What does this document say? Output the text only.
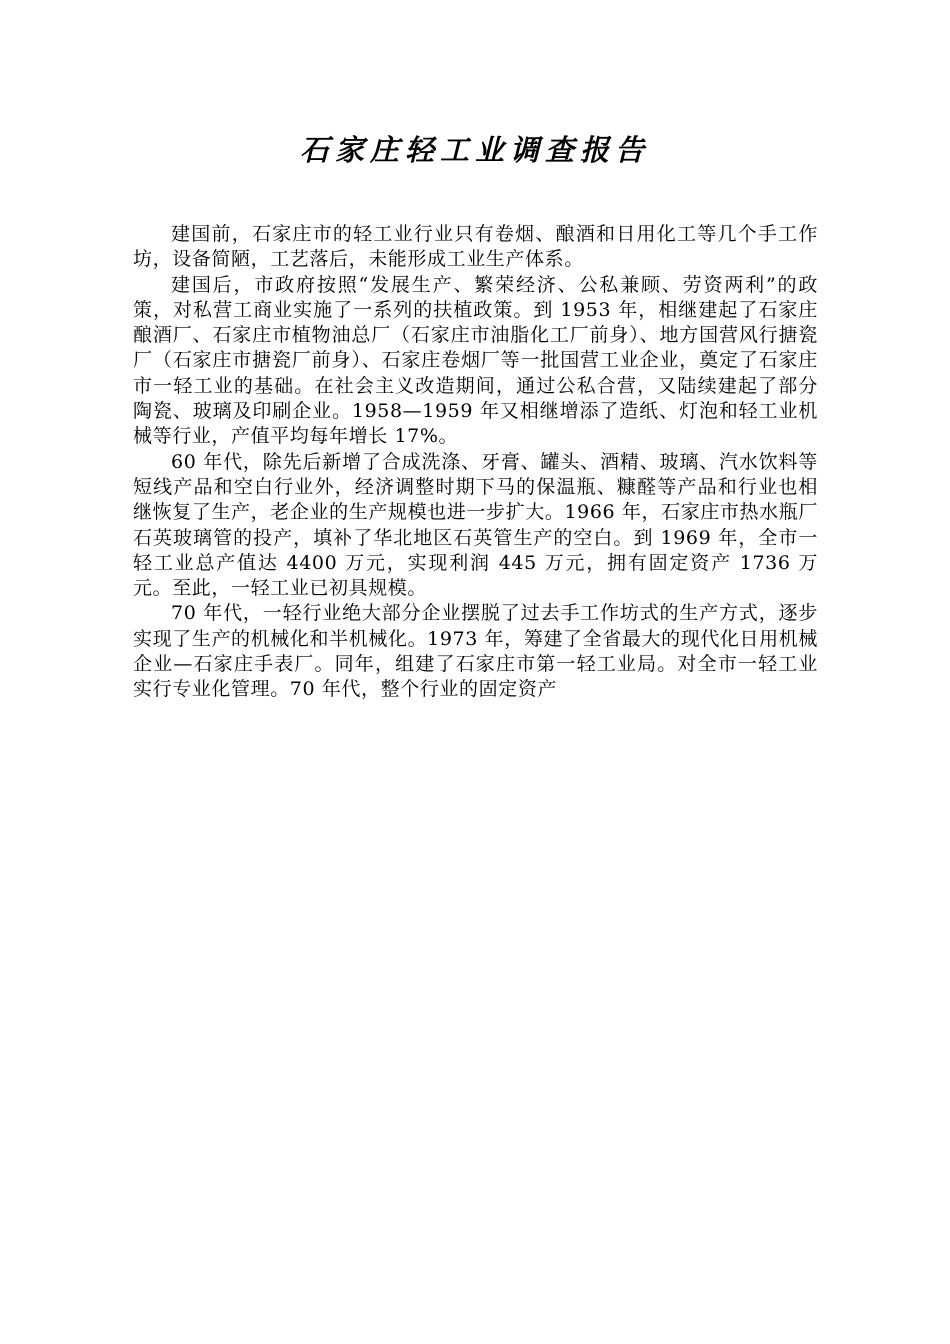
石家庄轻工业调查报告

建国前，石家庄市的轻工业行业只有卷烟、酿酒和日用化工等几个手工作坊，设备简陋，工艺落后，未能形成工业生产体系。

建国后，市政府按照“发展生产、繁荣经济、公私兼顾、劳资两利”的政策，对私营工商业实施了一系列的扶植政策。到 1953 年，相继建起了石家庄酿酒厂、石家庄市植物油总厂（石家庄市油脂化工厂前身）、地方国营风行搪瓷厂（石家庄市搪瓷厂前身）、石家庄卷烟厂等一批国营工业企业，奠定了石家庄市一轻工业的基础。在社会主义改造期间，通过公私合营，又陆续建起了部分陶瓷、玻璃及印刷企业。1958—1959 年又相继增添了造纸、灯泡和轻工业机械等行业，产值平均每年增长 17%。

60 年代，除先后新增了合成洗涤、牙膏、罐头、酒精、玻璃、汽水饮料等短线产品和空白行业外，经济调整时期下马的保温瓶、糠醛等产品和行业也相继恢复了生产，老企业的生产规模也进一步扩大。1966 年，石家庄市热水瓶厂石英玻璃管的投产，填补了华北地区石英管生产的空白。到 1969 年，全市一轻工业总产值达 4400 万元，实现利润 445 万元，拥有固定资产 1736 万元。至此，一轻工业已初具规模。

70 年代，一轻行业绝大部分企业摆脱了过去手工作坊式的生产方式，逐步实现了生产的机械化和半机械化。1973 年，筹建了全省最大的现代化日用机械企业—石家庄手表厂。同年，组建了石家庄市第一轻工业局。对全市一轻工业实行专业化管理。70 年代，整个行业的固定资产
